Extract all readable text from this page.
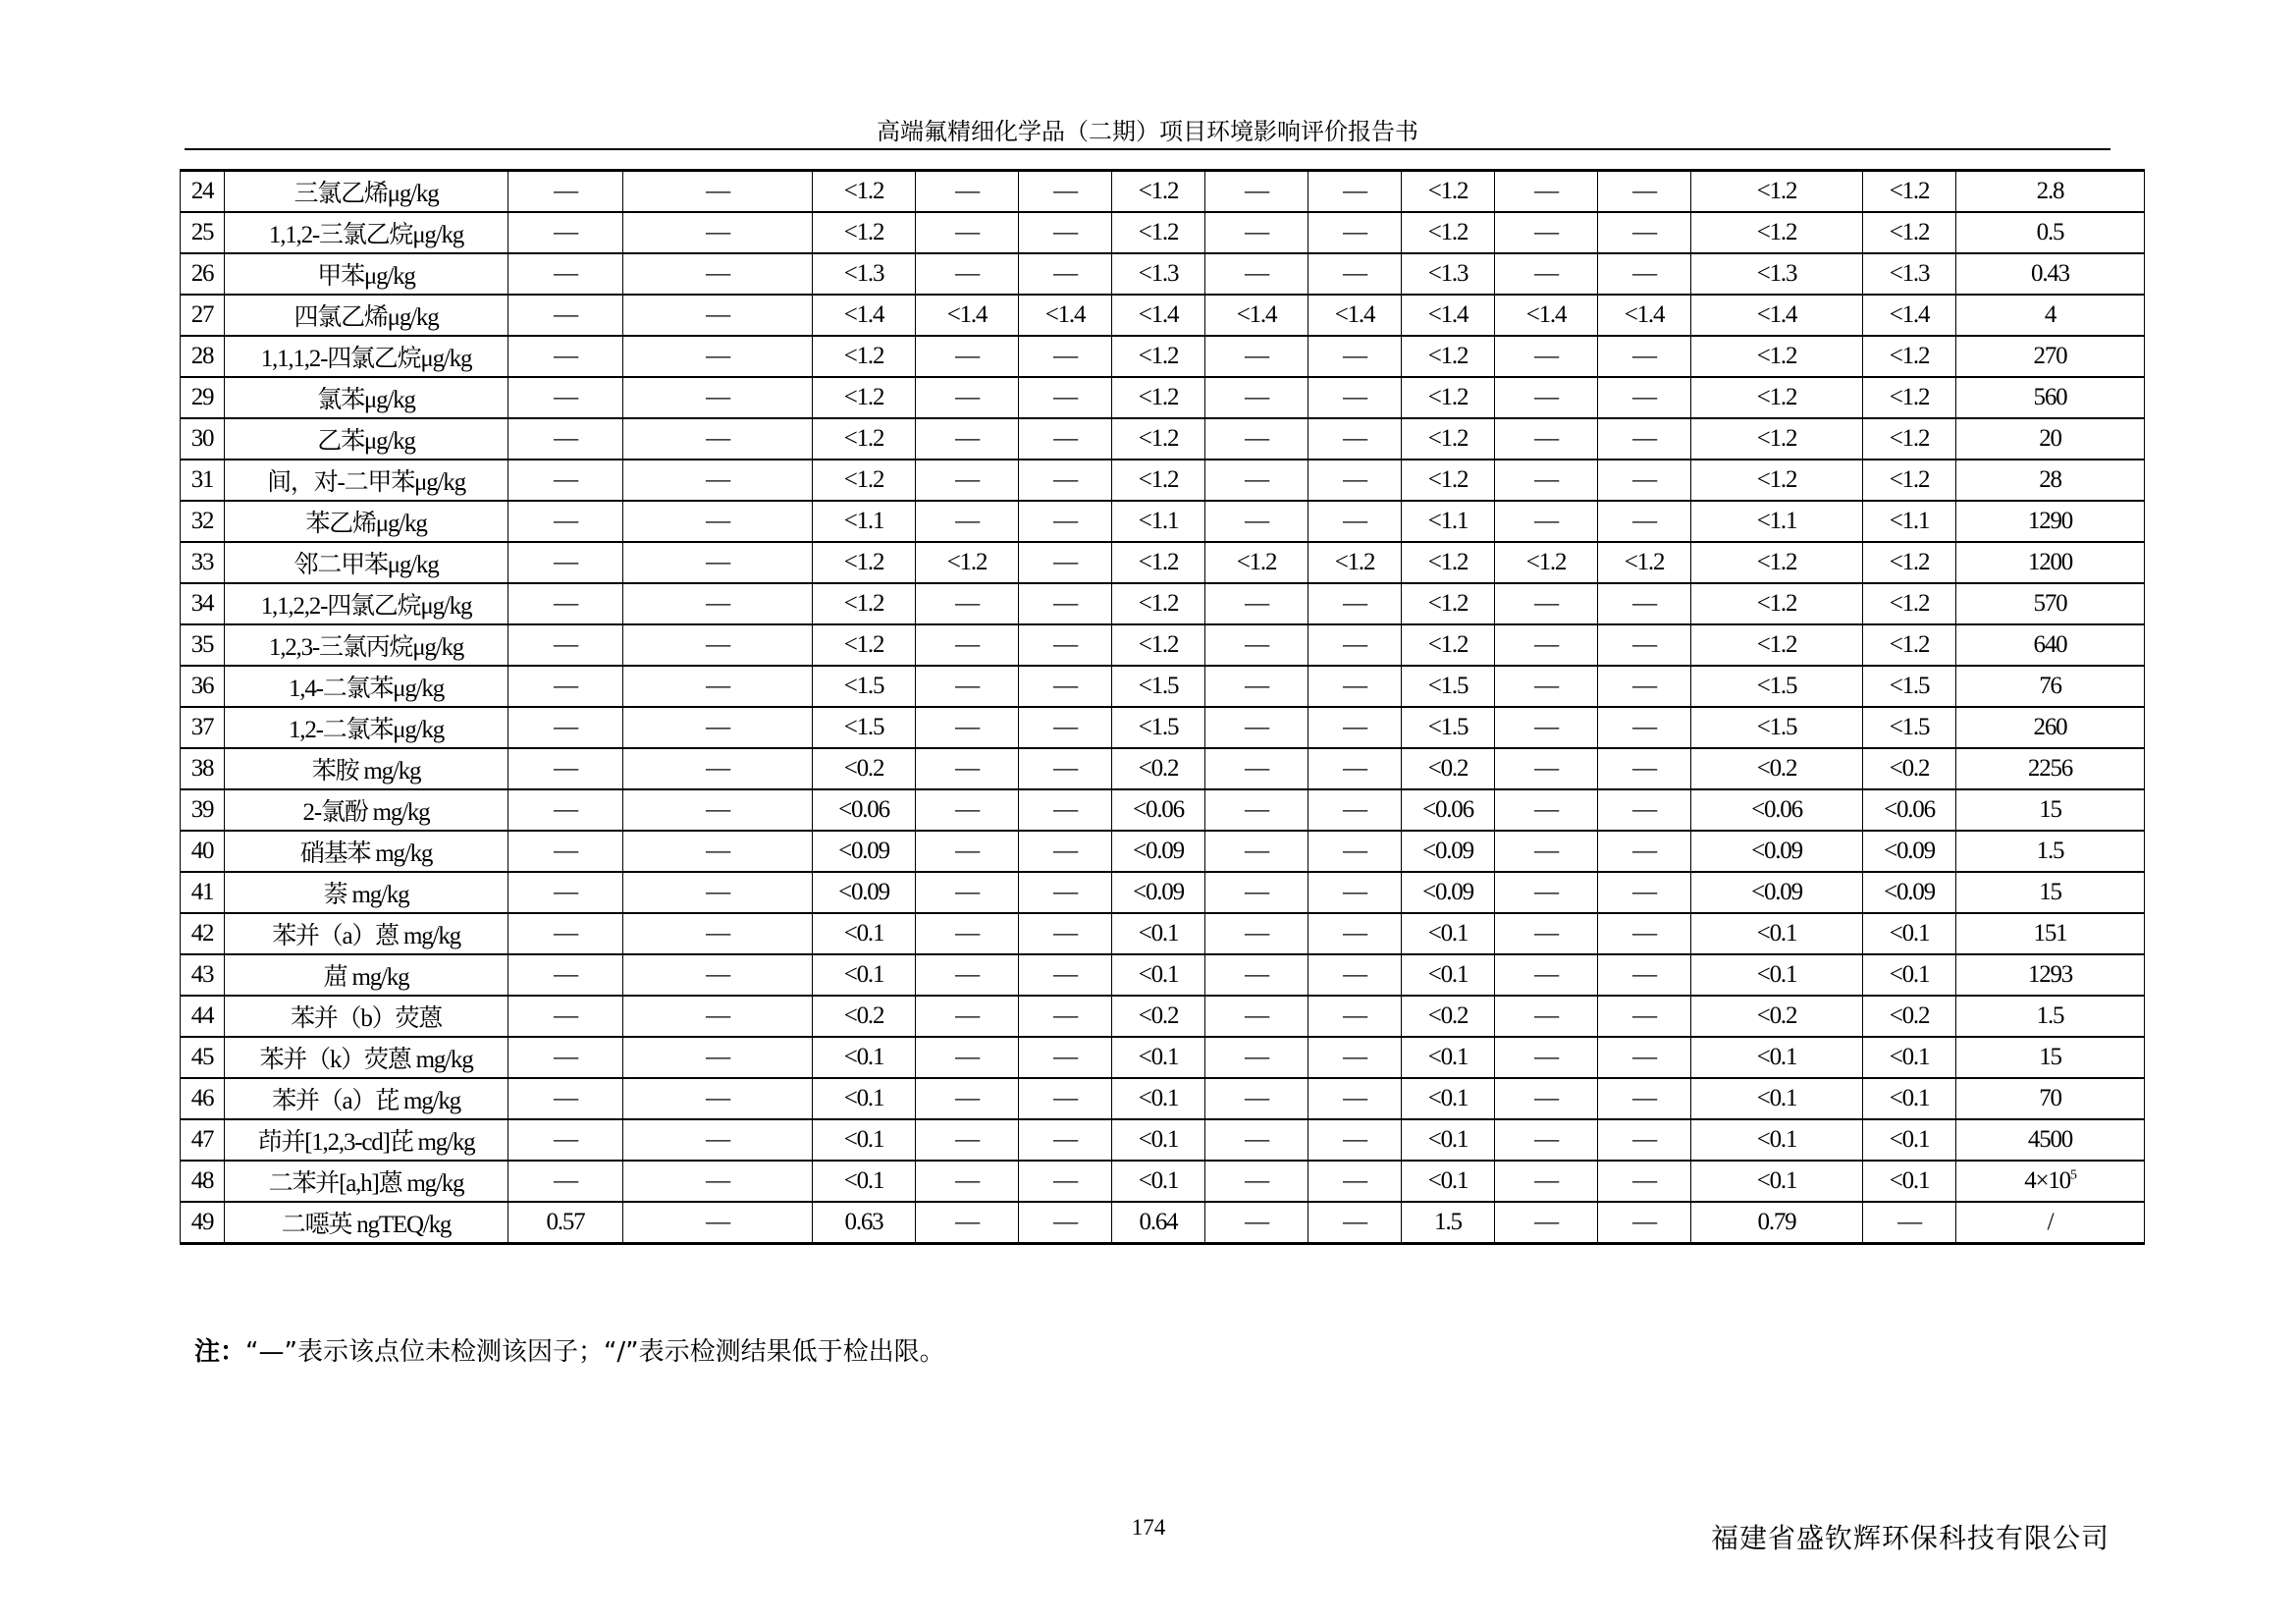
高端氟精细化学品（二期）项目环境影响评价报告书
24	三氯乙烯μg/kg	—	—	<1.2	—	—	<1.2	—	—	<1.2	—	—	<1.2	<1.2	2.8
25	1,1,2-三氯乙烷μg/kg	—	—	<1.2	—	—	<1.2	—	—	<1.2	—	—	<1.2	<1.2	0.5
26	甲苯μg/kg	—	—	<1.3	—	—	<1.3	—	—	<1.3	—	—	<1.3	<1.3	0.43
27	四氯乙烯μg/kg	—	—	<1.4	<1.4	<1.4	<1.4	<1.4	<1.4	<1.4	<1.4	<1.4	<1.4	<1.4	4
28	1,1,1,2-四氯乙烷μg/kg	—	—	<1.2	—	—	<1.2	—	—	<1.2	—	—	<1.2	<1.2	270
29	氯苯μg/kg	—	—	<1.2	—	—	<1.2	—	—	<1.2	—	—	<1.2	<1.2	560
30	乙苯μg/kg	—	—	<1.2	—	—	<1.2	—	—	<1.2	—	—	<1.2	<1.2	20
31	间，对-二甲苯μg/kg	—	—	<1.2	—	—	<1.2	—	—	<1.2	—	—	<1.2	<1.2	28
32	苯乙烯μg/kg	—	—	<1.1	—	—	<1.1	—	—	<1.1	—	—	<1.1	<1.1	1290
33	邻二甲苯μg/kg	—	—	<1.2	<1.2	—	<1.2	<1.2	<1.2	<1.2	<1.2	<1.2	<1.2	<1.2	1200
34	1,1,2,2-四氯乙烷μg/kg	—	—	<1.2	—	—	<1.2	—	—	<1.2	—	—	<1.2	<1.2	570
35	1,2,3-三氯丙烷μg/kg	—	—	<1.2	—	—	<1.2	—	—	<1.2	—	—	<1.2	<1.2	640
36	1,4-二氯苯μg/kg	—	—	<1.5	—	—	<1.5	—	—	<1.5	—	—	<1.5	<1.5	76
37	1,2-二氯苯μg/kg	—	—	<1.5	—	—	<1.5	—	—	<1.5	—	—	<1.5	<1.5	260
38	苯胺 mg/kg	—	—	<0.2	—	—	<0.2	—	—	<0.2	—	—	<0.2	<0.2	2256
39	2-氯酚 mg/kg	—	—	<0.06	—	—	<0.06	—	—	<0.06	—	—	<0.06	<0.06	15
40	硝基苯 mg/kg	—	—	<0.09	—	—	<0.09	—	—	<0.09	—	—	<0.09	<0.09	1.5
41	萘 mg/kg	—	—	<0.09	—	—	<0.09	—	—	<0.09	—	—	<0.09	<0.09	15
42	苯并（a）蒽 mg/kg	—	—	<0.1	—	—	<0.1	—	—	<0.1	—	—	<0.1	<0.1	151
43	䓛 mg/kg	—	—	<0.1	—	—	<0.1	—	—	<0.1	—	—	<0.1	<0.1	1293
44	苯并（b）荧蒽	—	—	<0.2	—	—	<0.2	—	—	<0.2	—	—	<0.2	<0.2	1.5
45	苯并（k）荧蒽 mg/kg	—	—	<0.1	—	—	<0.1	—	—	<0.1	—	—	<0.1	<0.1	15
46	苯并（a）芘 mg/kg	—	—	<0.1	—	—	<0.1	—	—	<0.1	—	—	<0.1	<0.1	70
47	茚并[1,2,3-cd]芘 mg/kg	—	—	<0.1	—	—	<0.1	—	—	<0.1	—	—	<0.1	<0.1	4500
48	二苯并[a,h]蒽 mg/kg	—	—	<0.1	—	—	<0.1	—	—	<0.1	—	—	<0.1	<0.1	$4\times 10^5$
49	二噁英 ngTEQ/kg	0.57	—	0.63	—	—	0.64	—	—	1.5	—	—	0.79	—	/
注：“—”表示该点位未检测该因子；“/”表示检测结果低于检出限。
174	福建省盛钦辉环保科技有限公司
